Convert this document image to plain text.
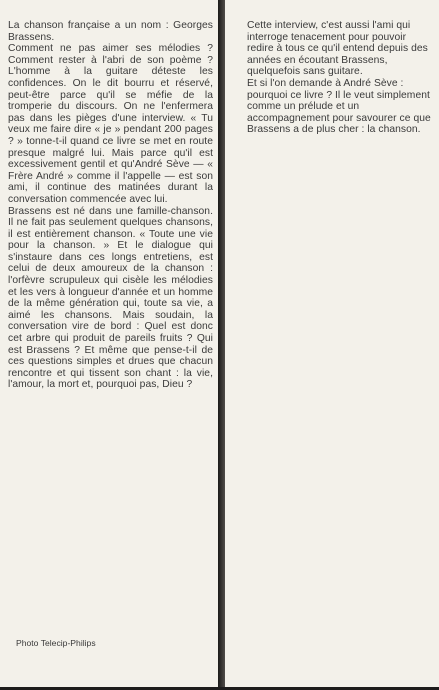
La chanson française a un nom : Georges Brassens.

Comment ne pas aimer ses mélodies ? Comment rester à l'abri de son poème ? L'homme à la guitare déteste les confidences. On le dit bourru et réservé, peut-être parce qu'il se méfie de la tromperie du discours. On ne l'enfermera pas dans les pièges d'une interview. « Tu veux me faire dire « je » pendant 200 pages ? » tonne-t-il quand ce livre se met en route presque malgré lui. Mais parce qu'il est excessivement gentil et qu'André Sève — « Frère André » comme il l'appelle — est son ami, il continue des matinées durant la conversation commencée avec lui.

Brassens est né dans une famille-chanson. Il ne fait pas seulement quelques chansons, il est entièrement chanson. « Toute une vie pour la chanson. » Et le dialogue qui s'instaure dans ces longs entretiens, est celui de deux amoureux de la chanson : l'orfèvre scrupuleux qui cisèle les mélodies et les vers à longueur d'année et un homme de la même génération qui, toute sa vie, a aimé les chansons. Mais soudain, la conversation vire de bord : Quel est donc cet arbre qui produit de pareils fruits ? Qui est Brassens ? Et même que pense-t-il de ces questions simples et drues que chacun rencontre et qui tissent son chant : la vie, l'amour, la mort et, pourquoi pas, Dieu ?

Photo Telecip-Philips

Cette interview, c'est aussi l'ami qui interroge tenacement pour pouvoir redire à tous ce qu'il entend depuis des années en écoutant Brassens, quelquefois sans guitare.

Et si l'on demande à André Sève : pourquoi ce livre ? Il le veut simplement comme un prélude et un accompagnement pour savourer ce que Brassens a de plus cher : la chanson.
